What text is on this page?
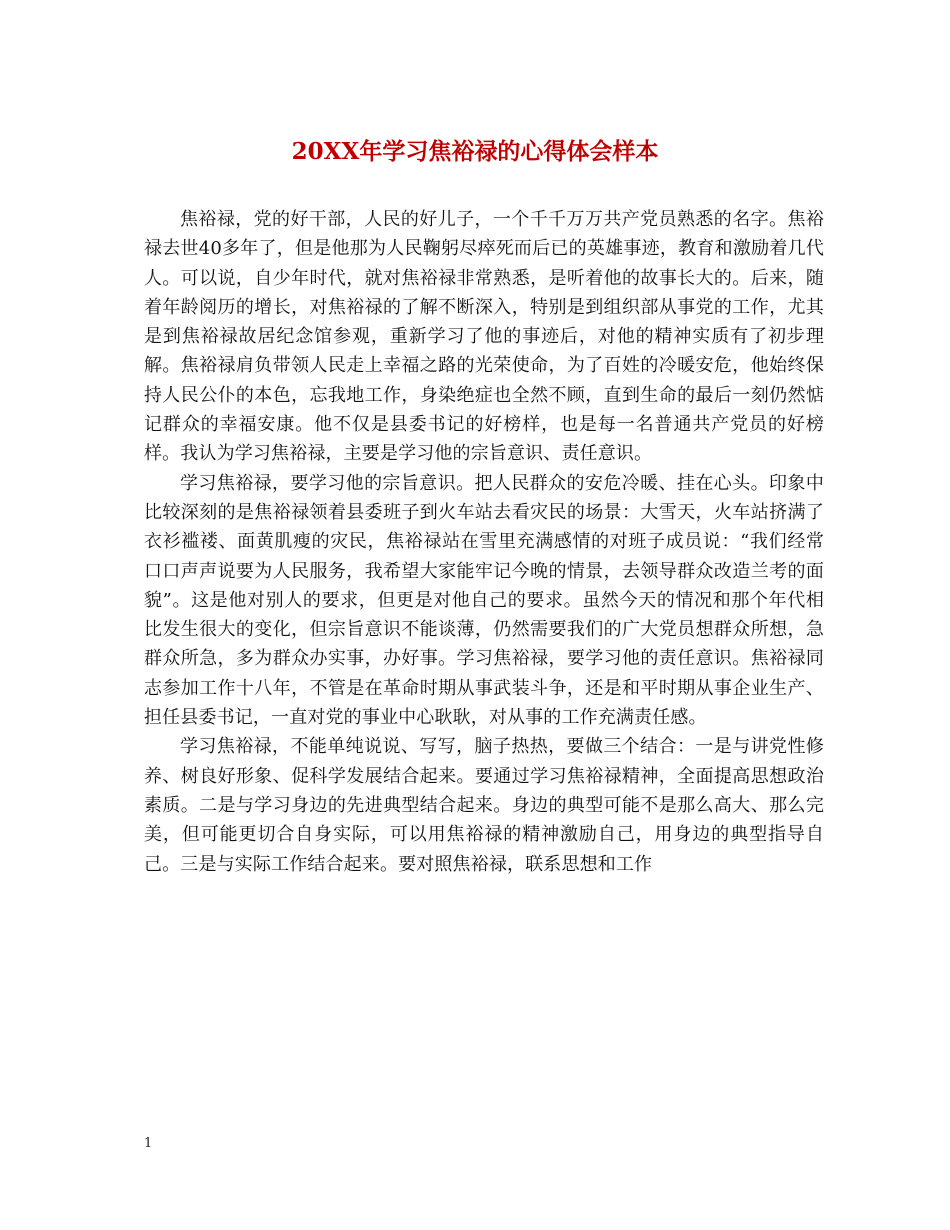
20XX年学习焦裕禄的心得体会样本

焦裕禄，党的好干部，人民的好儿子，一个千千万万共产党员熟悉的名字。焦裕禄去世40多年了，但是他那为人民鞠躬尽瘁死而后已的英雄事迹，教育和激励着几代人。可以说，自少年时代，就对焦裕禄非常熟悉，是听着他的故事长大的。后来，随着年龄阅历的增长，对焦裕禄的了解不断深入，特别是到组织部从事党的工作，尤其是到焦裕禄故居纪念馆参观，重新学习了他的事迹后，对他的精神实质有了初步理解。焦裕禄肩负带领人民走上幸福之路的光荣使命，为了百姓的冷暖安危，他始终保持人民公仆的本色，忘我地工作，身染绝症也全然不顾，直到生命的最后一刻仍然惦记群众的幸福安康。他不仅是县委书记的好榜样，也是每一名普通共产党员的好榜样。我认为学习焦裕禄，主要是学习他的宗旨意识、责任意识。

学习焦裕禄，要学习他的宗旨意识。把人民群众的安危冷暖、挂在心头。印象中比较深刻的是焦裕禄领着县委班子到火车站去看灾民的场景：大雪天，火车站挤满了衣衫褴褛、面黄肌瘦的灾民，焦裕禄站在雪里充满感情的对班子成员说：“我们经常口口声声说要为人民服务，我希望大家能牢记今晚的情景，去领导群众改造兰考的面貌”。这是他对别人的要求，但更是对他自己的要求。虽然今天的情况和那个年代相比发生很大的变化，但宗旨意识不能谈薄，仍然需要我们的广大党员想群众所想，急群众所急，多为群众办实事，办好事。学习焦裕禄，要学习他的责任意识。焦裕禄同志参加工作十八年，不管是在革命时期从事武装斗争，还是和平时期从事企业生产、担任县委书记，一直对党的事业中心耿耿，对从事的工作充满责任感。

学习焦裕禄，不能单纯说说、写写，脑子热热，要做三个结合：一是与讲党性修养、树良好形象、促科学发展结合起来。要通过学习焦裕禄精神，全面提高思想政治素质。二是与学习身边的先进典型结合起来。身边的典型可能不是那么高大、那么完美，但可能更切合自身实际，可以用焦裕禄的精神激励自己，用身边的典型指导自己。三是与实际工作结合起来。要对照焦裕禄，联系思想和工作

1
